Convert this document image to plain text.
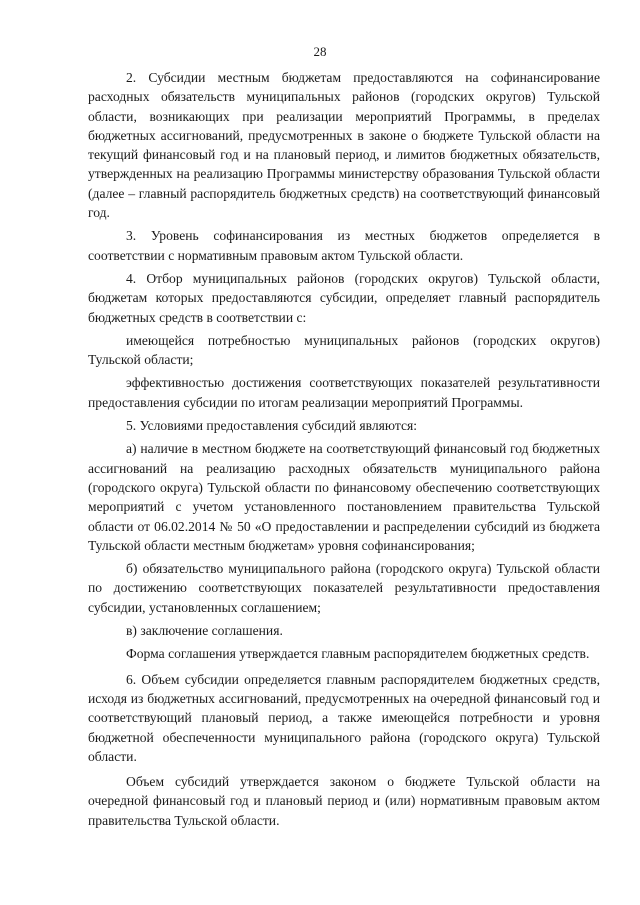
28

2. Субсидии местным бюджетам предоставляются на софинансирование расходных обязательств муниципальных районов (городских округов) Тульской области, возникающих при реализации мероприятий Программы, в пределах бюджетных ассигнований, предусмотренных в законе о бюджете Тульской области на текущий финансовый год и на плановый период, и лимитов бюджетных обязательств, утвержденных на реализацию Программы министерству образования Тульской области (далее – главный распорядитель бюджетных средств) на соответствующий финансовый год.

3. Уровень софинансирования из местных бюджетов определяется в соответствии с нормативным правовым актом Тульской области.

4. Отбор муниципальных районов (городских округов) Тульской области, бюджетам которых предоставляются субсидии, определяет главный распорядитель бюджетных средств в соответствии с:

имеющейся потребностью муниципальных районов (городских округов) Тульской области;

эффективностью достижения соответствующих показателей результативности предоставления субсидии по итогам реализации мероприятий Программы.

5. Условиями предоставления субсидий являются:

а) наличие в местном бюджете на соответствующий финансовый год бюджетных ассигнований на реализацию расходных обязательств муниципального района (городского округа) Тульской области по финансовому обеспечению соответствующих мероприятий с учетом установленного постановлением правительства Тульской области от 06.02.2014 № 50 «О предоставлении и распределении субсидий из бюджета Тульской области местным бюджетам» уровня софинансирования;

б) обязательство муниципального района (городского округа) Тульской области по достижению соответствующих показателей результативности предоставления субсидии, установленных соглашением;

в) заключение соглашения.

Форма соглашения утверждается главным распорядителем бюджетных средств.

6. Объем субсидии определяется главным распорядителем бюджетных средств, исходя из бюджетных ассигнований, предусмотренных на очередной финансовый год и соответствующий плановый период, а также имеющейся потребности и уровня бюджетной обеспеченности муниципального района (городского округа) Тульской области.

Объем субсидий утверждается законом о бюджете Тульской области на очередной финансовый год и плановый период и (или) нормативным правовым актом правительства Тульской области.
